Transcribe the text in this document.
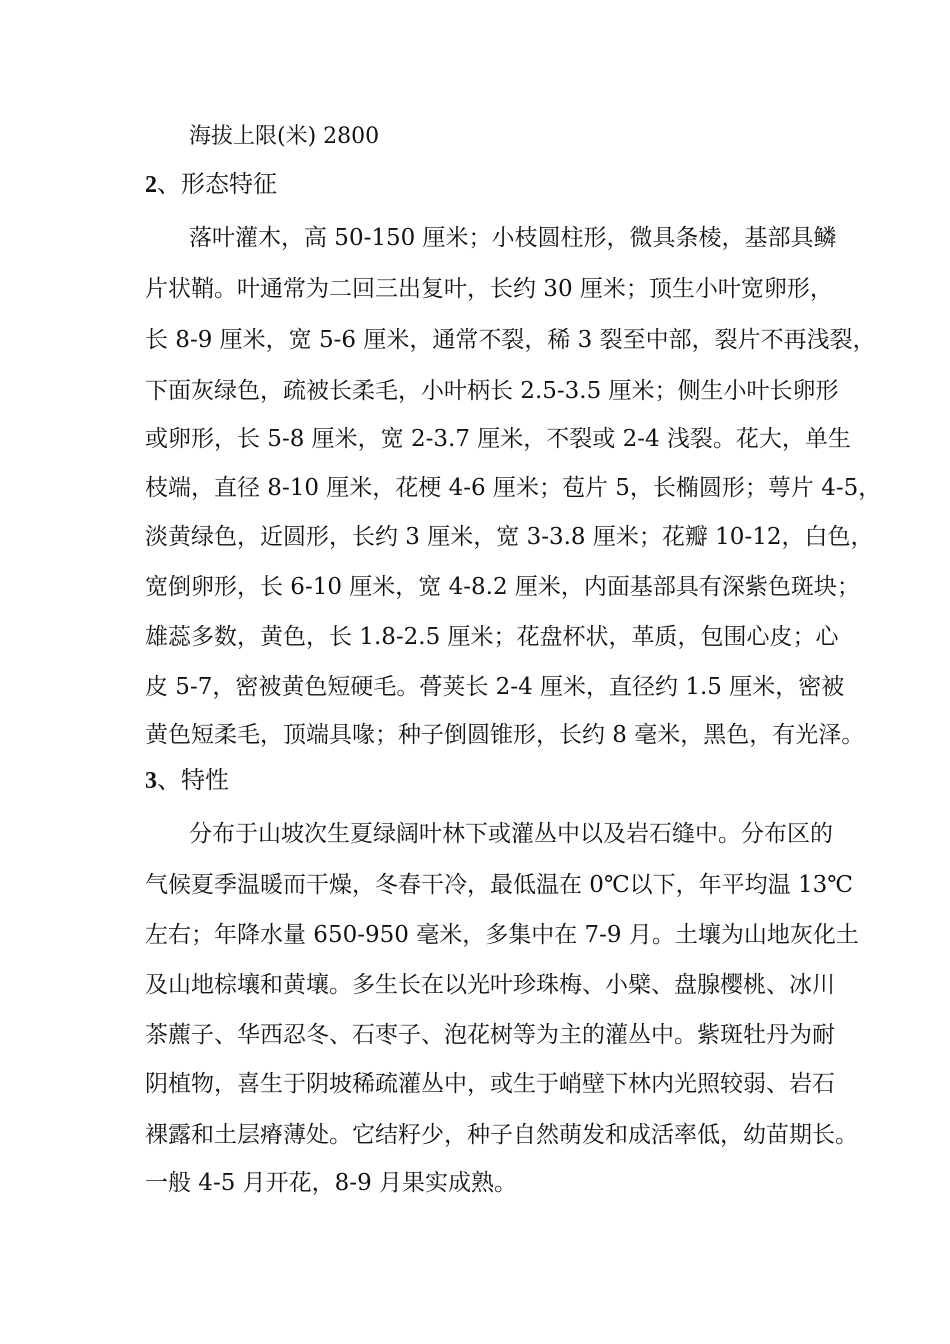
海拔上限(米) 2800
2、形态特征
落叶灌木，高 50-150 厘米；小枝圆柱形，微具条棱，基部具鳞
片状鞘。叶通常为二回三出复叶，长约 30 厘米；顶生小叶宽卵形，
长 8-9 厘米，宽 5-6 厘米，通常不裂，稀 3 裂至中部，裂片不再浅裂，
下面灰绿色，疏被长柔毛，小叶柄长 2.5-3.5 厘米；侧生小叶长卵形
或卵形，长 5-8 厘米，宽 2-3.7 厘米，不裂或 2-4 浅裂。花大，单生
枝端，直径 8-10 厘米，花梗 4-6 厘米；苞片 5，长椭圆形；萼片 4-5，
淡黄绿色，近圆形，长约 3 厘米，宽 3-3.8 厘米；花瓣 10-12，白色，
宽倒卵形，长 6-10 厘米，宽 4-8.2 厘米，内面基部具有深紫色斑块；
雄蕊多数，黄色，长 1.8-2.5 厘米；花盘杯状，革质，包围心皮；心
皮 5-7，密被黄色短硬毛。蓇荚长 2-4 厘米，直径约 1.5 厘米，密被
黄色短柔毛，顶端具喙；种子倒圆锥形，长约 8 毫米，黑色，有光泽。
3、特性
分布于山坡次生夏绿阔叶林下或灌丛中以及岩石缝中。分布区的
气候夏季温暖而干燥，冬春干冷，最低温在 0℃以下，年平均温 13℃
左右；年降水量 650-950 毫米，多集中在 7-9 月。土壤为山地灰化土
及山地棕壤和黄壤。多生长在以光叶珍珠梅、小檗、盘腺樱桃、冰川
茶藨子、华西忍冬、石枣子、泡花树等为主的灌丛中。紫斑牡丹为耐
阴植物，喜生于阴坡稀疏灌丛中，或生于峭壁下林内光照较弱、岩石
裸露和土层瘠薄处。它结籽少，种子自然萌发和成活率低，幼苗期长。
一般 4-5 月开花，8-9 月果实成熟。
